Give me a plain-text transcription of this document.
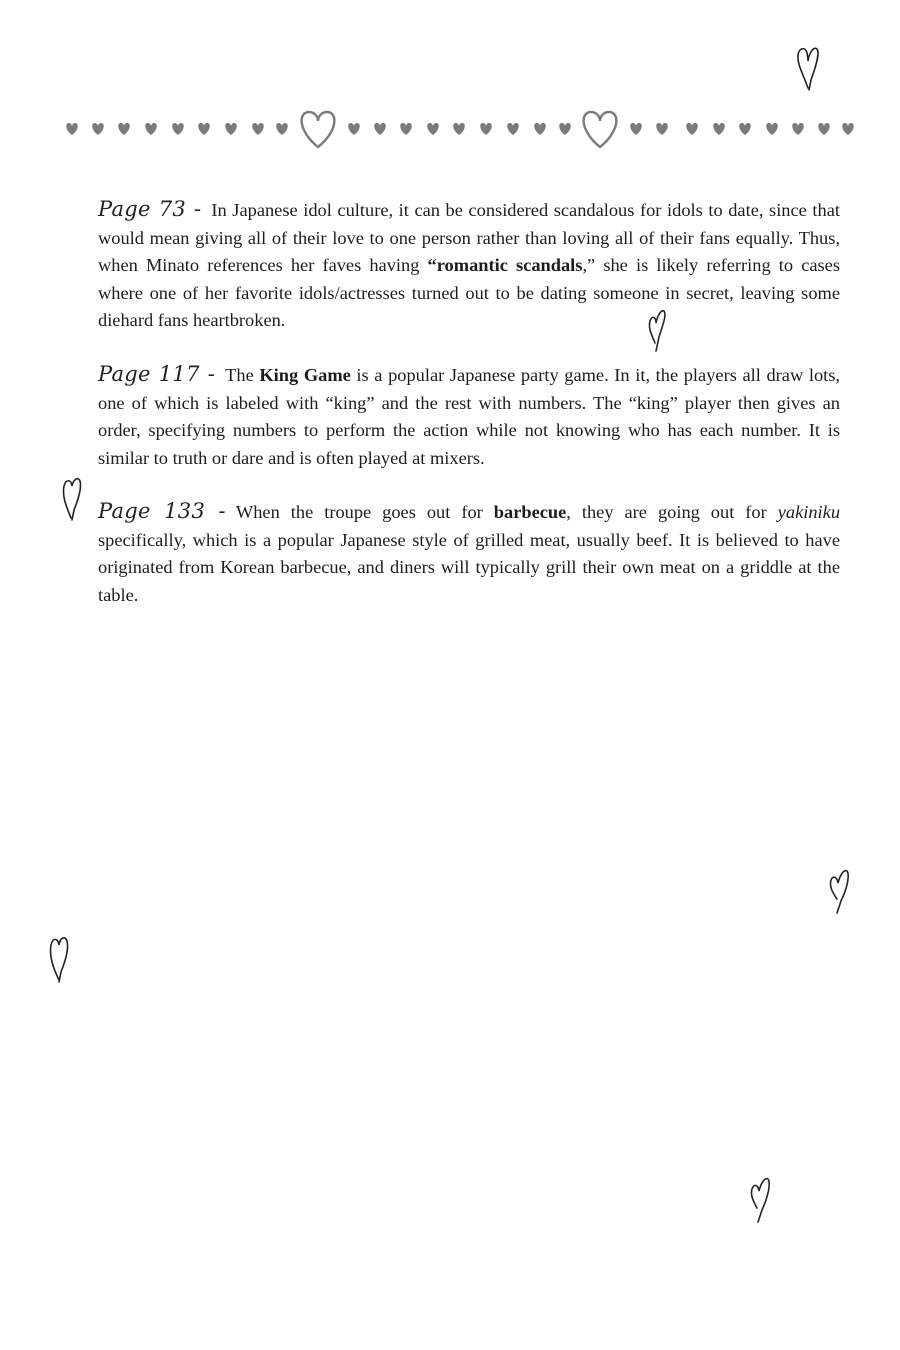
Page 73 - In Japanese idol culture, it can be considered scandalous for idols to date, since that would mean giving all of their love to one person rather than loving all of their fans equally. Thus, when Minato references her faves having “romantic scandals,” she is likely referring to cases where one of her favorite idols/actresses turned out to be dating someone in secret, leaving some diehard fans heartbroken.
Page 117 - The King Game is a popular Japanese party game. In it, the players all draw lots, one of which is labeled with “king” and the rest with numbers. The “king” player then gives an order, specifying numbers to perform the action while not knowing who has each number. It is similar to truth or dare and is often played at mixers.
Page 133 - When the troupe goes out for barbecue, they are going out for yakiniku specifically, which is a popular Japanese style of grilled meat, usually beef. It is believed to have originated from Korean barbecue, and diners will typically grill their own meat on a griddle at the table.
